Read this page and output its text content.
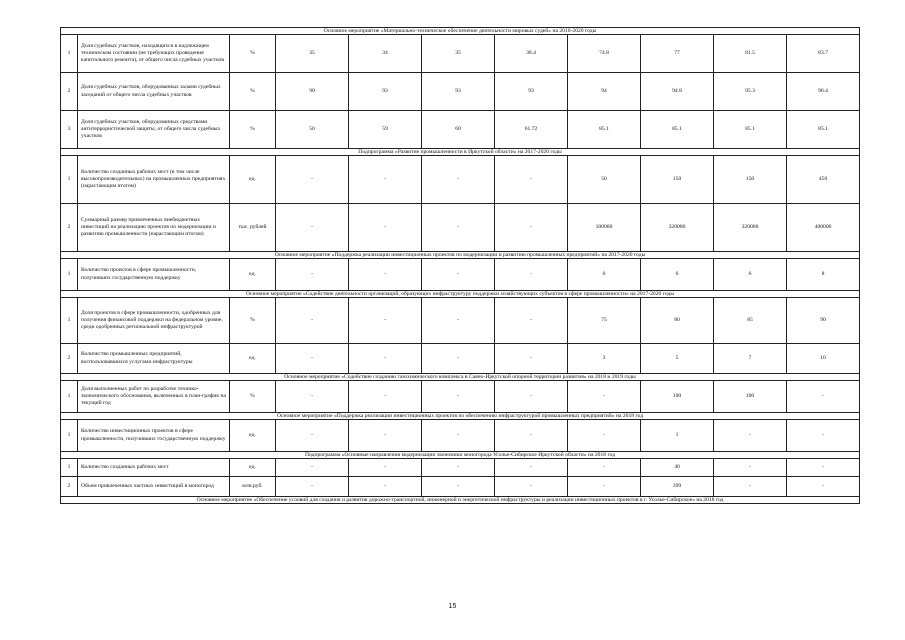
Основное мероприятие «Материально-техническое обеспечение деятельности мировых судей» на 2016-2020 годы										
1	Доля судебных участков, находящихся в надлежащем техническом состоянии (не требующих проведения капитального ремонта), от общего числа судебных участков	%	35	34	35	38.4	74.8	77	81.5	83.7
2	Доля судебных участков, оборудованных залами судебных заседаний от общего числа судебных участков	%	90	93	93	93	94	94.8	95.3	96.4
3	Доля судебных участков, оборудованных средствами антитеррористической защиты, от общего числа судебных участков	%	50	59	60	61.72	85.1	85.1	85.1	85.1
Подпрограмма «Развитие промышленности в Иркутской области» на 2017-2020 годы										
1	Количество созданных рабочих мест (в том числе высокопроизводительных) на промышленных предприятиях (нарастающим итогом)	ед.	-	-	-	-	50	150	150	450
2	Суммарный размер привлеченных внебюджетных инвестиций на реализацию проектов по модернизации и развитию промышленности (нарастающим итогом)	тыс. рублей	-	-	-	-	100000	320000	320000	400000
Основное мероприятие «Поддержка реализации инвестиционных проектов по модернизации и развитию промышленных предприятий» на 2017-2020 годы										
1	Количество проектов в сфере промышленности, получивших государственную поддержку	ед.	-	-	-	-	6	6	6	8
Основное мероприятие «Содействие деятельности организаций, образующих инфраструктуру поддержки хозяйствующих субъектов в сфере промышленности» на 2017-2020 годы										
1	Доля проектов в сфере промышленности, одобренных для получения финансовой поддержки на федеральном уровне, среди одобренных региональной инфраструктурой	%	-	-	-	-	75	80	85	90
2	Количество промышленных предприятий, воспользовавшихся услугами инфраструктуры	ед.	-	-	-	-	3	5	7	10
Основное мероприятие «Содействие созданию газохимического комплекса в Саяно-Иркутской опорной территории развития» на 2018 и 2019 годы										
1	Доля выполненных работ по разработке технико-экономического обоснования, включенных в план-график на текущий год	%	-	-	-	-	-	100	100	-
Основное мероприятие «Поддержка реализации инвестиционных проектов по обеспечению инфраструктурой промышленных предприятий» на 2018 год										
1	Количество инвестиционных проектов в сфере промышленности, получивших государственную поддержку	ед.	-	-	-	-	-	1	-	-
Подпрограмма «Основные направления модернизации экономики моногорода Усолье-Сибирское Иркутской области» на 2018 год										
1	Количество созданных рабочих мест	ед.	-	-	-	-	-	40	-	-
2	Объем привлеченных частных инвестиций в моногород	млн.руб.	-	-	-	-	-	399	-	-
Основное мероприятие «Обеспечение условий для создания и развития дорожно-транспортной, инженерной и энергетической инфраструктуры и реализации инвестиционных проектов в г. Усолье-Сибирское» на 2018 год										
15
